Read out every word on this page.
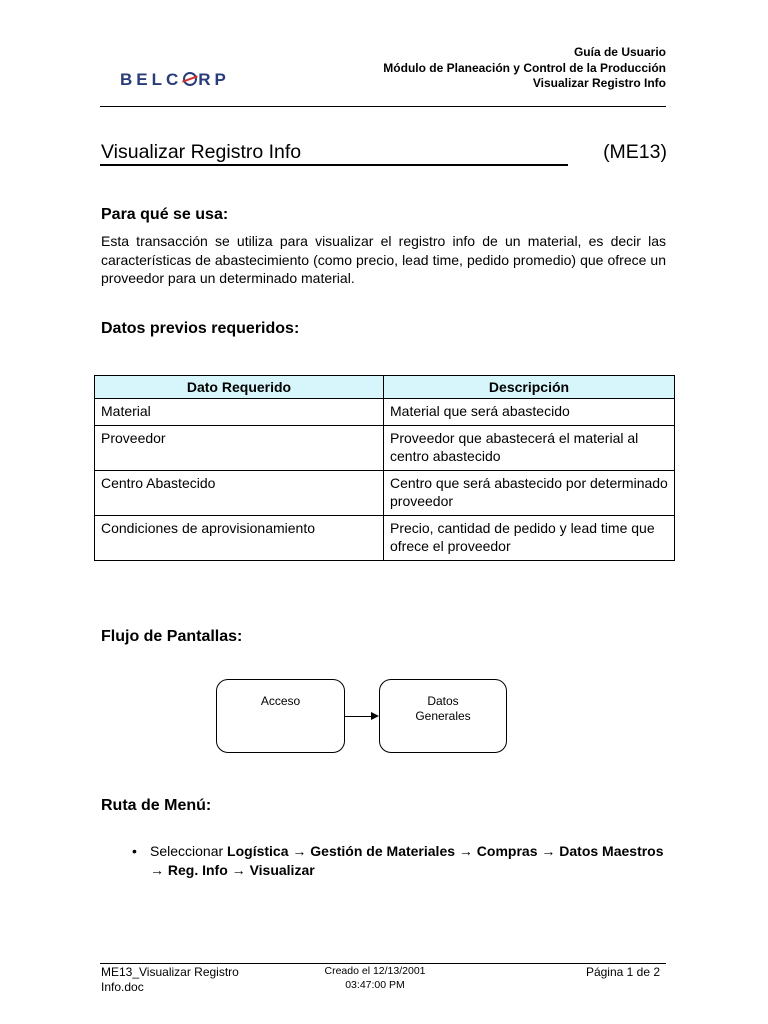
BELC RP
Guía de Usuario
Módulo de Planeación y Control de la Producción
Visualizar Registro Info
Visualizar Registro Info	(ME13)
Para qué se usa:
Esta transacción se utiliza para visualizar el registro info de un material, es decir las características de abastecimiento (como precio, lead time, pedido promedio) que ofrece un proveedor para un determinado material.
Datos previos requeridos:
Dato Requerido	Descripción
Material	Material que será abastecido
Proveedor	Proveedor que abastecerá el material al centro abastecido
Centro Abastecido	Centro que será abastecido por determinado proveedor
Condiciones de aprovisionamiento	Precio, cantidad de pedido y lead time que ofrece el proveedor
Flujo de Pantallas:
Acceso	Datos
Generales
Ruta de Menú:
• Seleccionar Logística → Gestión de Materiales → Compras → Datos Maestros → Reg. Info → Visualizar
ME13_Visualizar Registro
Info.doc
Creado el 12/13/2001
03:47:00 PM
Página 1 de 2
